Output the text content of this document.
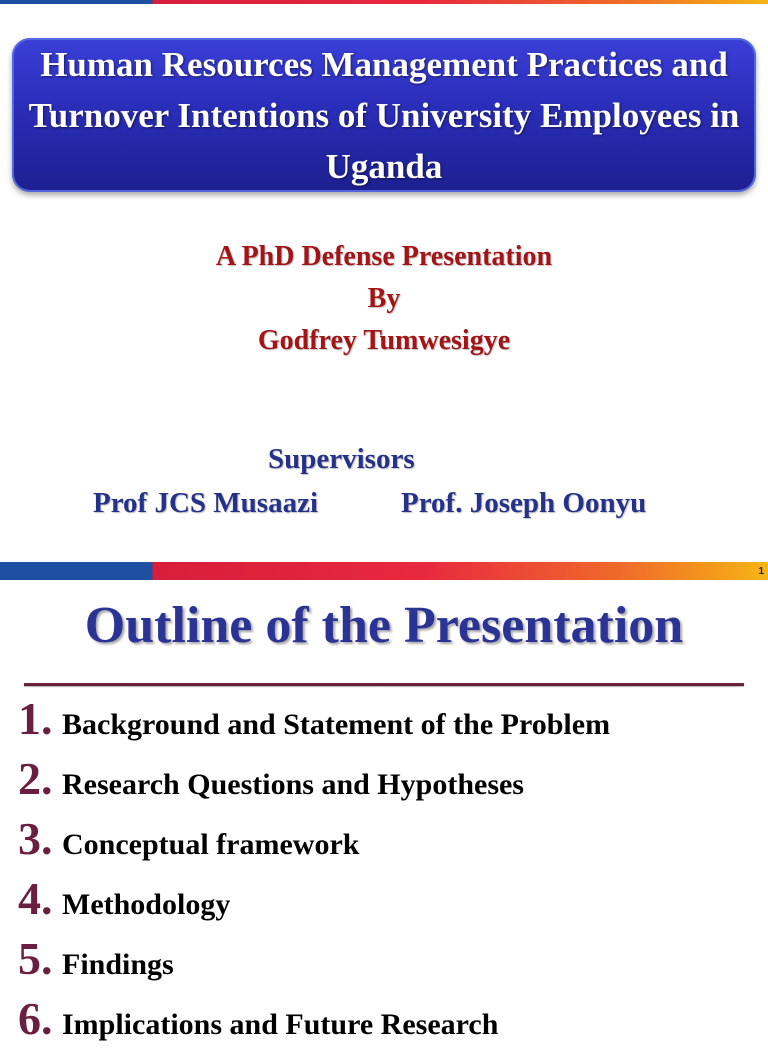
Human Resources Management Practices and Turnover Intentions of University Employees in Uganda
A PhD Defense Presentation
By
Godfrey Tumwesigye
Supervisors
Prof JCS Musaazi	Prof. Joseph Oonyu
1
Outline of the Presentation
1. Background and Statement of the Problem
2. Research Questions and Hypotheses
3. Conceptual framework
4. Methodology
5. Findings
6. Implications and Future Research
